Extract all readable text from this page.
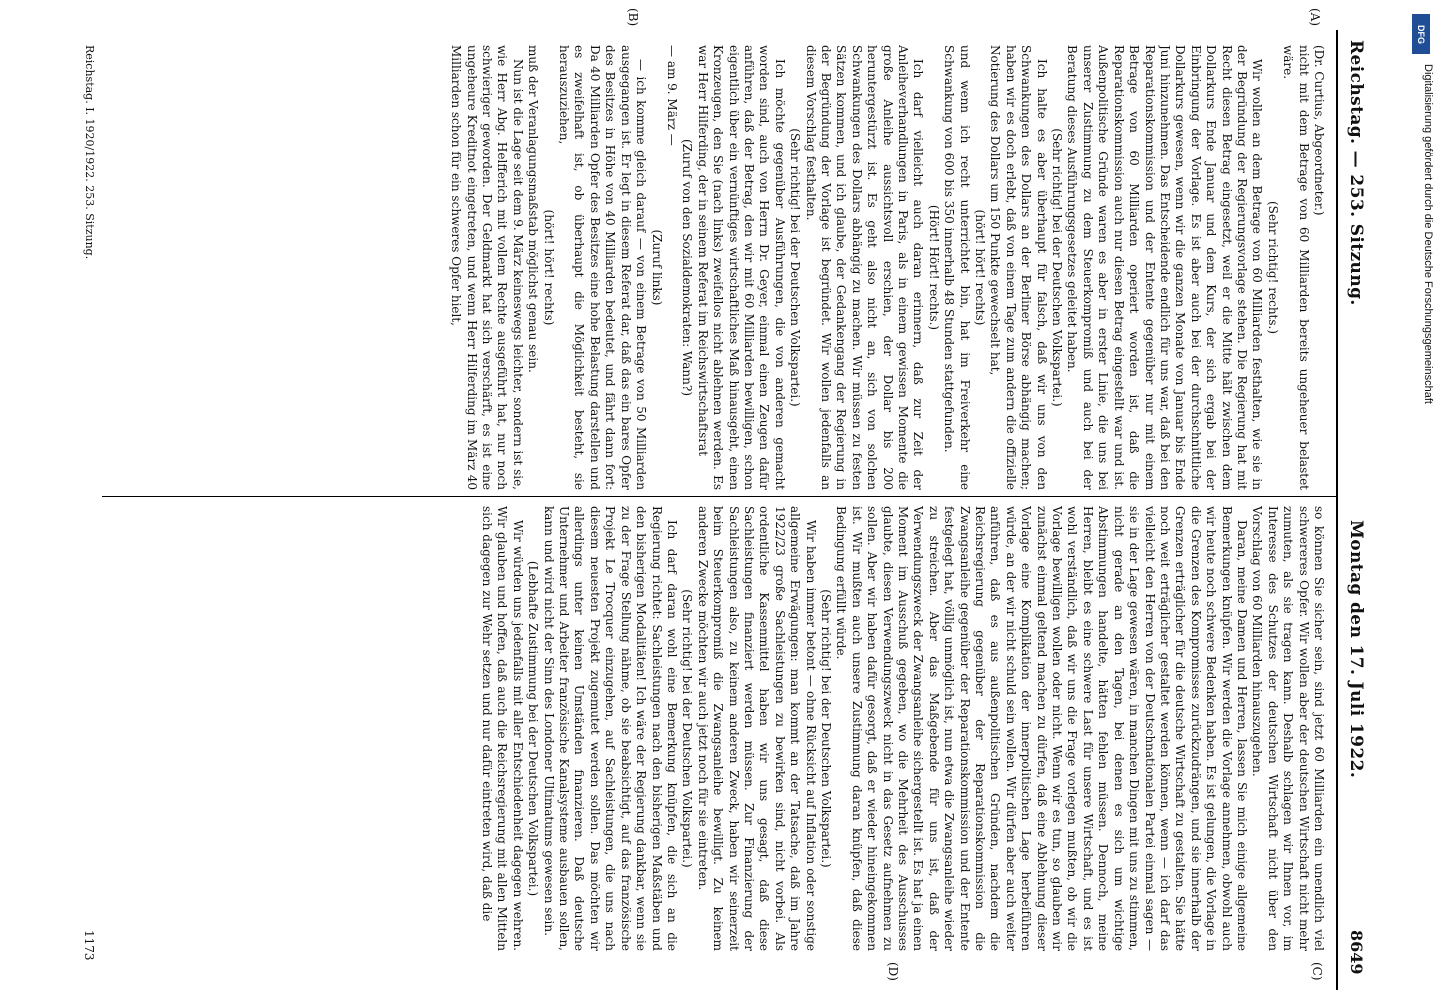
Reichstag. — 253. Sitzung.
Montag den 17. Juli 1922.
8649
(A)
(B)
(C)
(D)

(Dr. Curtius, Abgeordneter.)

nicht mit dem Betrage von 60 Milliarden bereits ungeheuer belastet wäre.

(Sehr richtig! rechts.)

Wir wollen an dem Betrage von 60 Milliarden festhalten, wie sie in der Begründung der Regierungsvorlage stehen. Die Regierung hat mit Recht diesen Betrag eingesetzt, weil er die Mitte hält zwischen dem Dollarkurs Ende Januar und dem Kurs, der sich ergab bei der Einbringung der Vorlage. Es ist aber auch bei der durchschnittliche Dollarkurs gewesen, wenn wir die ganzen Monate von Januar bis Ende Juni hinzunehmen. Das Entscheidende endlich für uns war, daß bei den Reparationskommission und der Entente gegenüber nur mit einem Betrage von 60 Milliarden operiert worden ist, daß die Reparationskommission auch nur diesen Betrag eingestellt war und ist. Außenpolitische Gründe waren es aber in erster Linie, die uns bei unserer Zustimmung zu dem Steuerkompromiß und auch bei der Beratung dieses Ausführungsgesetzes geleitet haben.

(Sehr richtig! bei der Deutschen Volkspartei.)

Ich halte es aber überhaupt für falsch, daß wir uns von den Schwankungen des Dollars an der Berliner Börse abhängig machen; haben wir es doch erlebt, daß von einem Tage zum andern die offizielle Notierung des Dollars um 150 Punkte gewechselt hat,

(hört! hört! rechts)

und wenn ich recht unterrichtet bin, hat im Freiverkehr eine Schwankung von 600 bis 350 innerhalb 48 Stunden stattgefunden.

(Hört! Hört! rechts.)

Ich darf vielleicht auch daran erinnern, daß zur Zeit der Anleiheverhandlungen in Paris, als in einem gewissen Momente die große Anleihe aussichtsvoll erschien, der Dollar bis 200 heruntergestürzt ist. Es geht also nicht an, sich von solchen Schwankungen des Dollars abhängig zu machen. Wir müssen zu festen Sätzen kommen, und ich glaube, der Gedankengang der Regierung in der Begründung der Vorlage ist begründet. Wir wollen jedenfalls an diesem Vorschlag festhalten.

(Sehr richtig! bei der Deutschen Volkspartei.)

Ich möchte gegenüber Ausführungen, die von anderen gemacht worden sind, auch von Herrn Dr. Geyer, einmal einen Zeugen dafür anführen, daß der Betrag, den wir mit 60 Milliarden bewilligen, schon eigentlich über ein vernünftiges wirtschaftliches Maß hinausgeht, einen Kronzeugen, den Sie (nach links) zweifellos nicht ablehnen werden. Es war Herr Hilferding, der in seinem Referat im Reichswirtschaftsrat

(Zuruf von den Sozialdemokraten: Wann?)

— am 9. März —

(Zuruf links)

— ich komme gleich darauf — von einem Betrage von 50 Milliarden ausgegangen ist. Er legt in diesem Referat dar, daß das ein bares Opfer des Besitzes in Höhe von 40 Milliarden bedeutet, und fährt dann fort: Da 40 Milliarden Opfer des Besitzes eine hohe Belastung darstellen und es zweifelhaft ist, ob überhaupt die Möglichkeit besteht, sie herauszuziehen,

(hört! hört! rechts)

muß der Veranlagungsmaßstab möglichst genau sein.

Nun ist die Lage seit dem 9. März keineswegs leichter, sondern ist sie, wie Herr Abg. Helfferich mit vollem Rechte ausgeführt hat, nur noch schwieriger geworden. Der Geldmarkt hat sich verschärft, es ist eine ungeheure Kreditnot eingetreten, und wenn Herr Hilferding im März 40 Milliarden schon für ein schweres Opfer hielt,

so können Sie sicher sein, sind jetzt 60 Milliarden ein unendlich viel schwereres Opfer. Wir wollen aber der deutschen Wirtschaft nicht mehr zumuten, als sie tragen kann. Deshalb schlagen wir Ihnen vor, im Interesse des Schutzes der deutschen Wirtschaft nicht über den Vorschlag von 60 Milliarden hinauszugehen.

Daran, meine Damen und Herren, lassen Sie mich einige allgemeine Bemerkungen knüpfen. Wir werden die Vorlage annehmen, obwohl auch wir heute noch schwere Bedenken haben. Es ist gelungen, die Vorlage in die Grenzen des Kompromisses zurückzudrängen, und sie innerhalb der Grenzen erträglicher für die deutsche Wirtschaft zu gestalten. Sie hätte noch weit erträglicher gestaltet werden können, wenn — ich darf das vielleicht den Herren von der Deutschnationalen Partei einmal sagen — sie in der Lage gewesen wären, in manchen Dingen mit uns zu stimmen, nicht gerade an den Tagen, bei denen es sich um wichtige Abstimmungen handelte, hätten fehlen müssen. Dennoch, meine Herren, bleibt es eine schwere Last für unsere Wirtschaft, und es ist wohl verständlich, daß wir uns die Frage vorlegen mußten, ob wir die Vorlage bewilligen wollen oder nicht. Wenn wir es tun, so glauben wir zunächst einmal geltend machen zu dürfen, daß eine Ablehnung dieser Vorlage eine Komplikation der innerpolitischen Lage herbeiführen würde, an der wir nicht schuld sein wollen. Wir dürfen aber auch weiter anführen, daß es aus außenpolitischen Gründen, nachdem die Reichsregierung gegenüber der Reparationskommission die Zwangsanleihe gegenüber der Reparationskommission und der Entente festgelegt hat, völlig unmöglich ist, nun etwa die Zwangsanleihe wieder zu streichen. Aber das Maßgebende für uns ist, daß der Verwendungszweck der Zwangsanleihe sichergestellt ist. Es hat ja einen Moment im Ausschuß gegeben, wo die Mehrheit des Ausschusses glaubte, diesen Verwendungszweck nicht in das Gesetz aufnehmen zu sollen. Aber wir haben dafür gesorgt, daß er wieder hineingekommen ist. Wir mußten auch unsere Zustimmung daran knüpfen, daß diese Bedingung erfüllt würde.

(Sehr richtig! bei der Deutschen Volkspartei.)

Wir haben immer betont — ohne Rücksicht auf Inflation oder sonstige allgemeine Erwägungen: man kommt an der Tatsache, daß im Jahre 1922/23 große Sachleistungen zu bewirken sind, nicht vorbei. Als ordentliche Kassenmittel haben wir uns gesagt, daß diese Sachleistungen finanziert werden müssen. Zur Finanzierung der Sachleistungen also, zu keinem anderen Zweck, haben wir seinerzeit beim Steuerkompromiß die Zwangsanleihe bewilligt. Zu keinem anderen Zwecke möchten wir auch jetzt noch für sie eintreten.

(Sehr richtig! bei der Deutschen Volkspartei.)

Ich darf daran wohl eine Bemerkung knüpfen, die sich an die Regierung richtet: Sachleistungen nach den bisherigen Maßstäben und den bisherigen Modalitäten! Ich wäre der Regierung dankbar, wenn sie zu der Frage Stellung nähme, ob sie beabsichtigt, auf das französische Projekt Le Trocquer einzugehen, auf Sachleistungen, die uns nach diesem neuesten Projekt zugemutet werden sollen. Das möchten wir allerdings unter keinen Umständen finanzieren. Daß deutsche Unternehmer und Arbeiter französische Kanalsysteme ausbauen sollen, kann und wird nicht der Sinn des Londoner Ultimatums gewesen sein.

(Lebhafte Zustimmung bei der Deutschen Volkspartei.)

Wir würden uns jedenfalls mit aller Entschiedenheit dagegen wehren. Wir glauben und hoffen, daß auch die Reichsregierung mit allen Mitteln sich dagegen zur Wehr setzen und nur dafür eintreten wird, daß die

Reichstag. I. 1920/1922. 253. Sitzung.
1173
DFG
Digitalisierung gefördert durch die Deutsche Forschungsgemeinschaft
